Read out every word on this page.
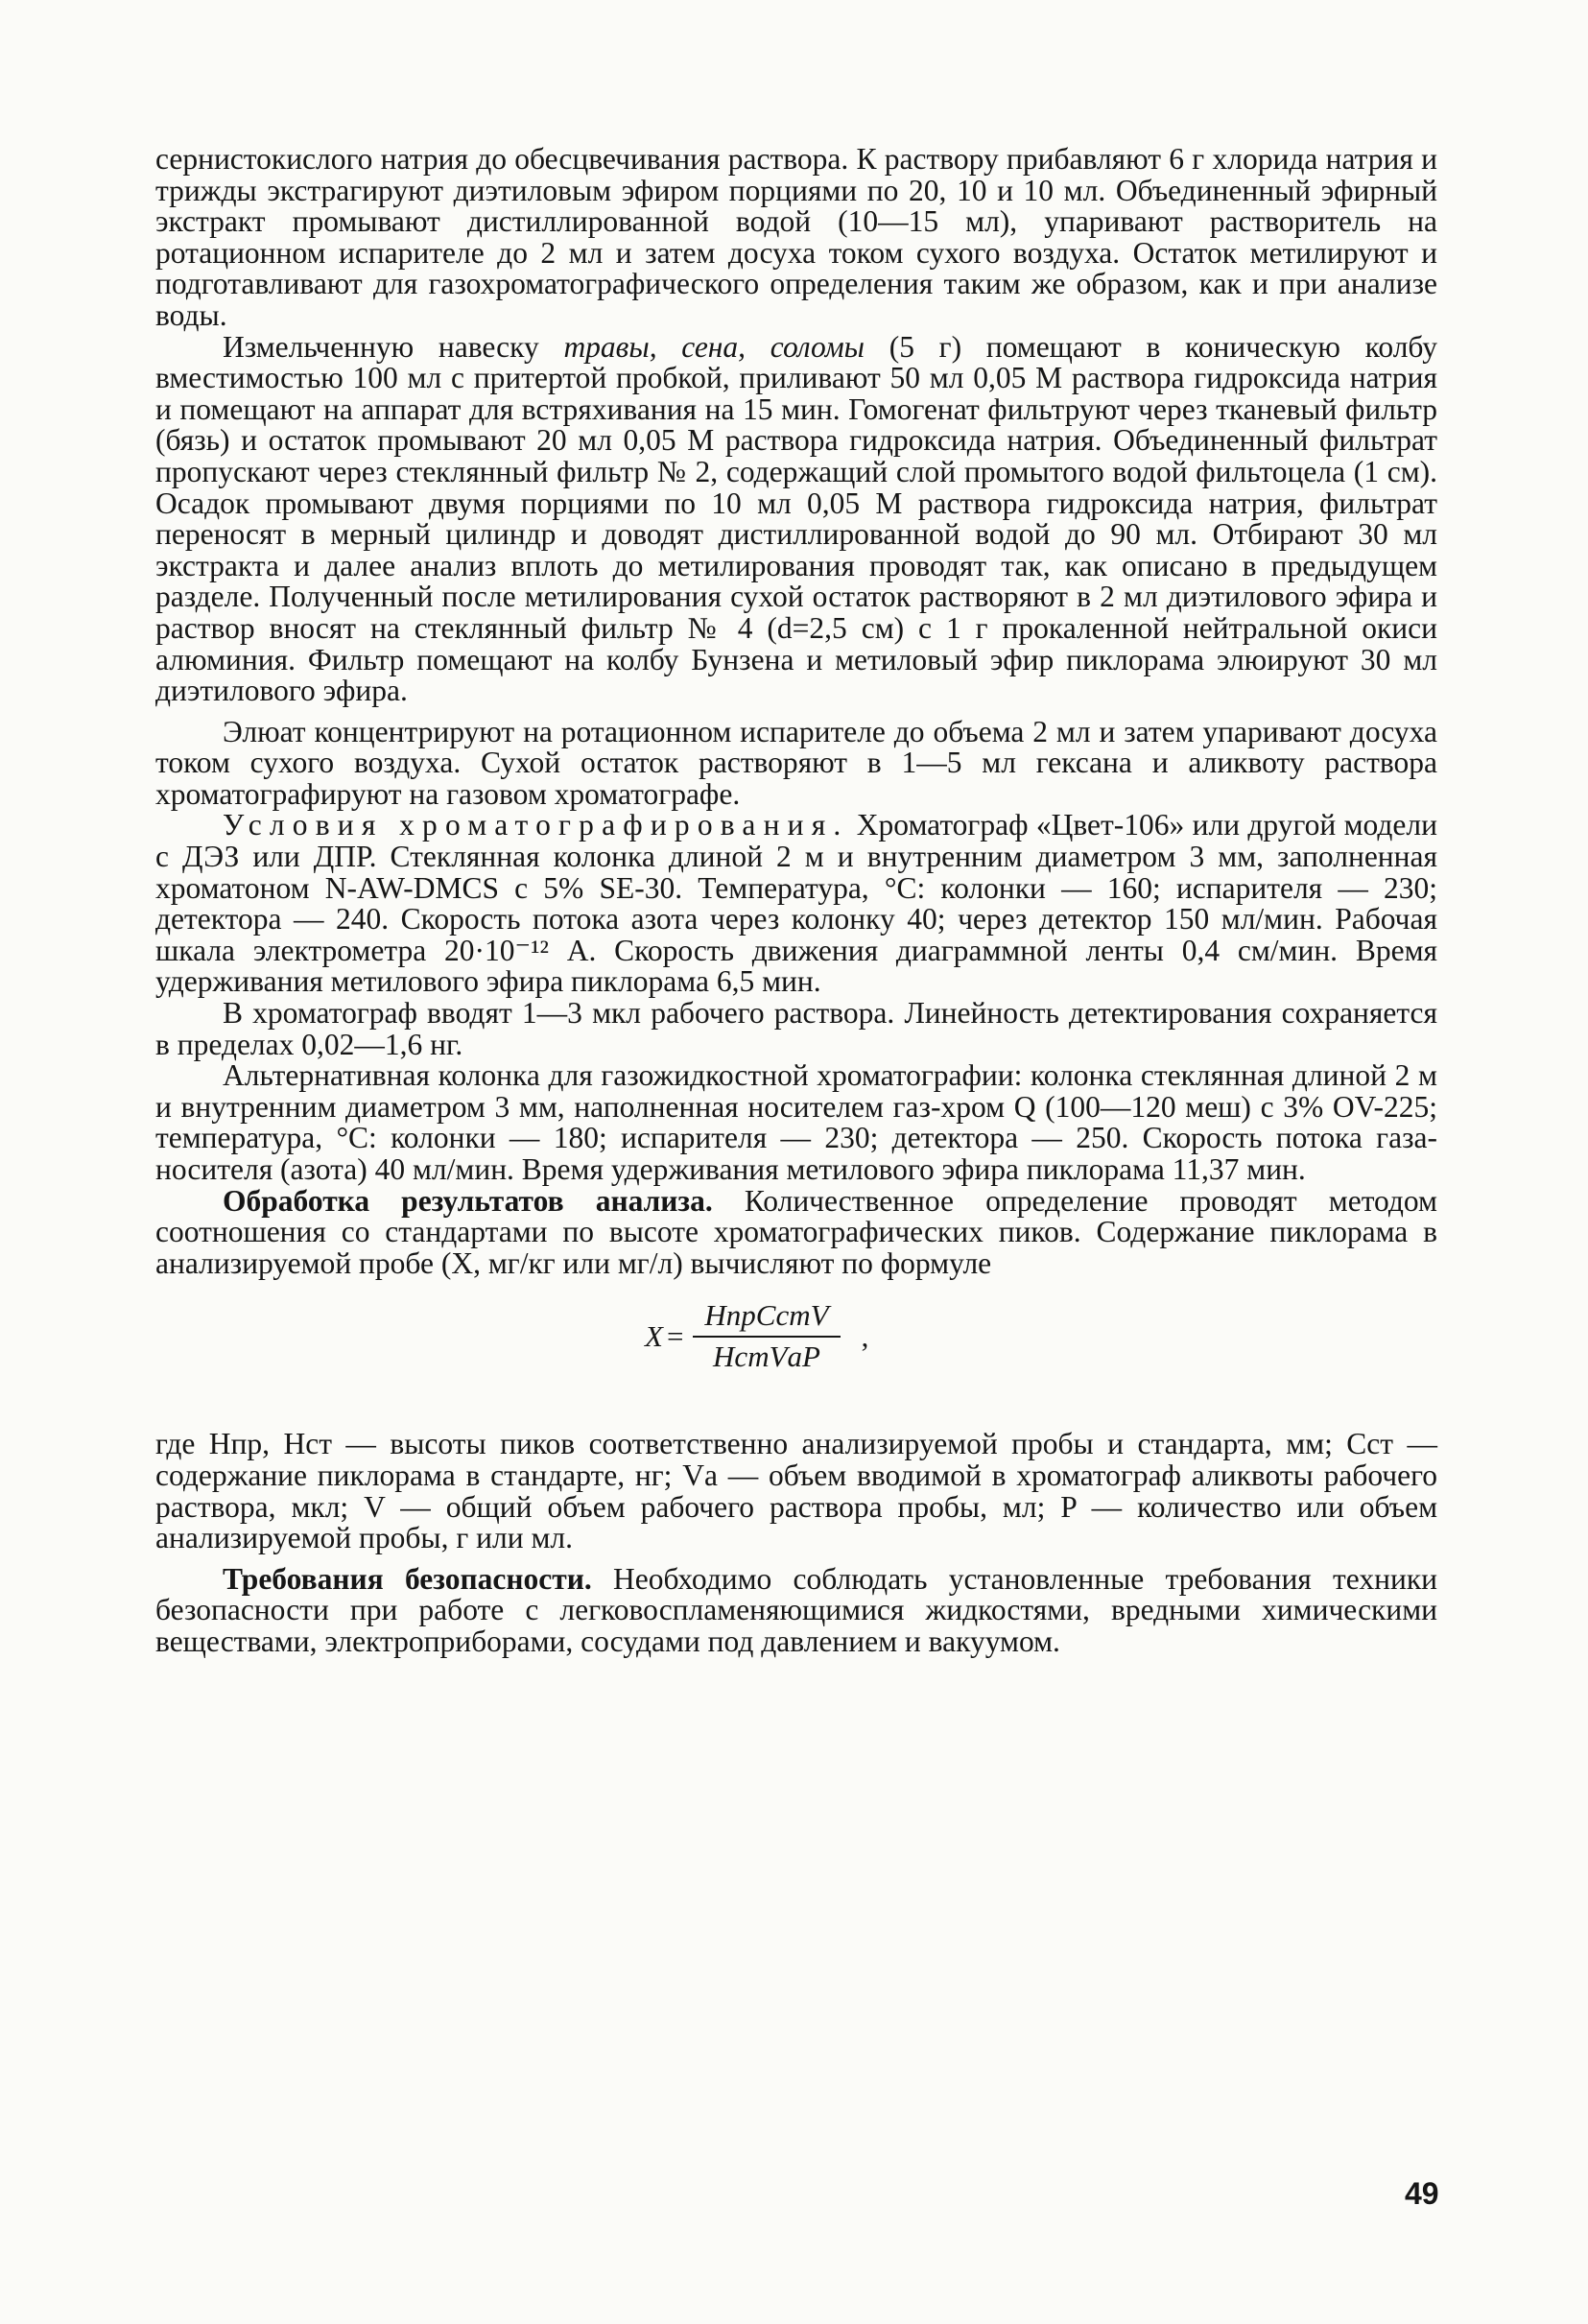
сернистокислого натрия до обесцвечивания раствора. К раствору прибавляют 6 г хлорида натрия и трижды экстрагируют диэтиловым эфиром порциями по 20, 10 и 10 мл. Объединенный эфирный экстракт промывают дистиллированной водой (10—15 мл), упаривают растворитель на ротационном испарителе до 2 мл и затем досуха током сухого воздуха. Остаток метилируют и подготавливают для газохроматографического определения таким же образом, как и при анализе воды.

Измельченную навеску травы, сена, соломы (5 г) помещают в коническую колбу вместимостью 100 мл с притертой пробкой, приливают 50 мл 0,05 М раствора гидроксида натрия и помещают на аппарат для встряхивания на 15 мин. Гомогенат фильтруют через тканевый фильтр (бязь) и остаток промывают 20 мл 0,05 М раствора гидроксида натрия. Объединенный фильтрат пропускают через стеклянный фильтр № 2, содержащий слой промытого водой фильтоцела (1 см). Осадок промывают двумя порциями по 10 мл 0,05 М раствора гидроксида натрия, фильтрат переносят в мерный цилиндр и доводят дистиллированной водой до 90 мл. Отбирают 30 мл экстракта и далее анализ вплоть до метилирования проводят так, как описано в предыдущем разделе. Полученный после метилирования сухой остаток растворяют в 2 мл диэтилового эфира и раствор вносят на стеклянный фильтр № 4 (d=2,5 см) с 1 г прокаленной нейтральной окиси алюминия. Фильтр помещают на колбу Бунзена и метиловый эфир пиклорама элюируют 30 мл диэтилового эфира.

Элюат концентрируют на ротационном испарителе до объема 2 мл и затем упаривают досуха током сухого воздуха. Сухой остаток растворяют в 1—5 мл гексана и аликвоту раствора хроматографируют на газовом хроматографе.

Условия хроматографирования. Хроматограф «Цвет-106» или другой модели с ДЭЗ или ДПР. Стеклянная колонка длиной 2 м и внутренним диаметром 3 мм, заполненная хроматоном N-AW-DMCS с 5% SE-30. Температура, °С: колонки — 160; испарителя — 230; детектора — 240. Скорость потока азота через колонку 40; через детектор 150 мл/мин. Рабочая шкала электрометра 20·10⁻¹² А. Скорость движения диаграммной ленты 0,4 см/мин. Время удерживания метилового эфира пиклорама 6,5 мин.

В хроматограф вводят 1—3 мкл рабочего раствора. Линейность детектирования сохраняется в пределах 0,02—1,6 нг.

Альтернативная колонка для газожидкостной хроматографии: колонка стеклянная длиной 2 м и внутренним диаметром 3 мм, наполненная носителем газ-хром Q (100—120 меш) с 3% OV-225; температура, °С: колонки — 180; испарителя — 230; детектора — 250. Скорость потока газа-носителя (азота) 40 мл/мин. Время удерживания метилового эфира пиклорама 11,37 мин.

Обработка результатов анализа. Количественное определение проводят методом соотношения со стандартами по высоте хроматографических пиков. Содержание пиклорама в анализируемой пробе (X, мг/кг или мг/л) вычисляют по формуле

$X = \frac{\text{HпрCстV}}{\text{HстVаP}}$ ,

где Hпр, Hст — высоты пиков соответственно анализируемой пробы и стандарта, мм; Cст — содержание пиклорама в стандарте, нг; Vа — объем вводимой в хроматограф аликвоты рабочего раствора, мкл; V — общий объем рабочего раствора пробы, мл; P — количество или объем анализируемой пробы, г или мл.

Требования безопасности. Необходимо соблюдать установленные требования техники безопасности при работе с легковоспламеняющимися жидкостями, вредными химическими веществами, электроприборами, сосудами под давлением и вакуумом.

49
